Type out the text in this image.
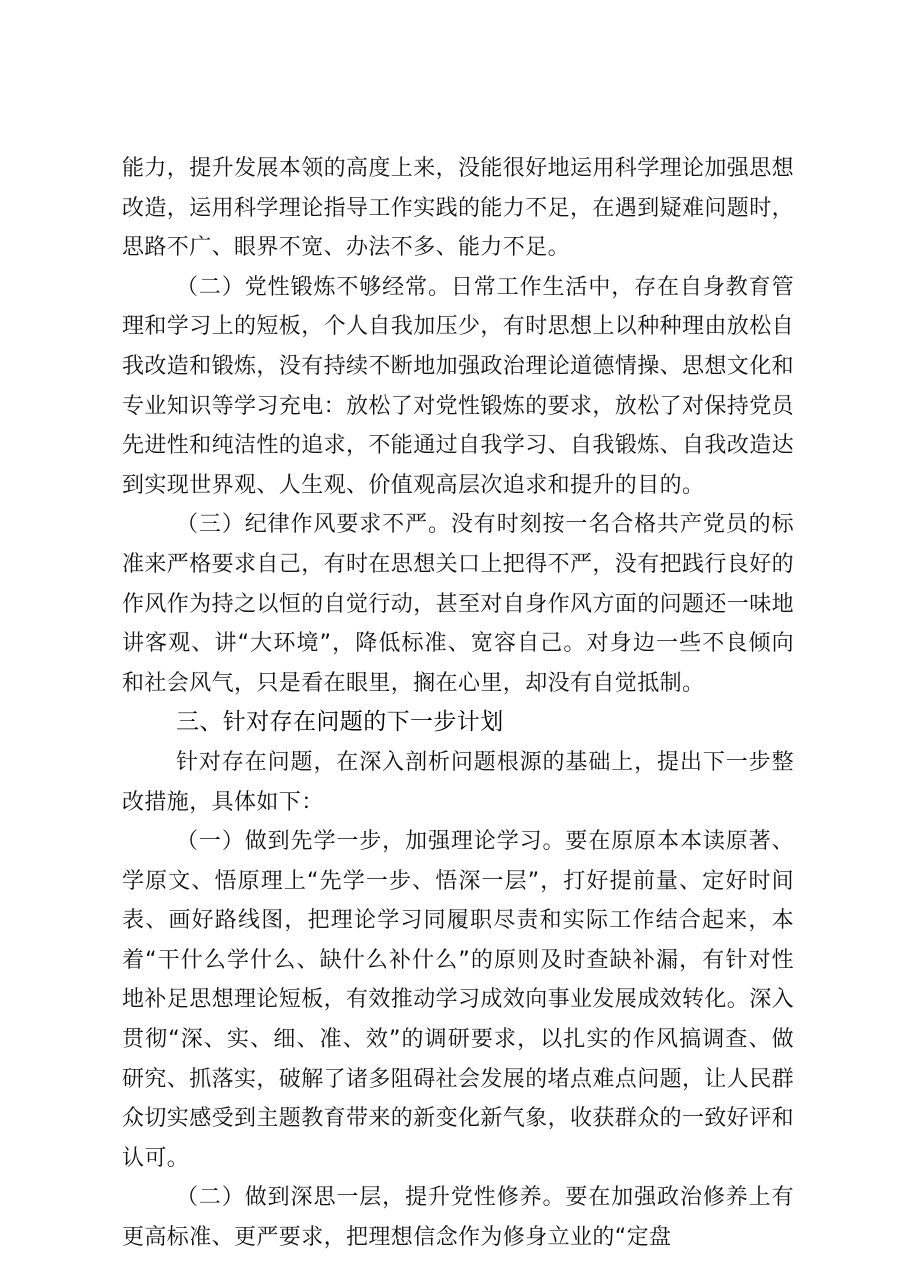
能力，提升发展本领的高度上来，没能很好地运用科学理论加强思想改造，运用科学理论指导工作实践的能力不足，在遇到疑难问题时，思路不广、眼界不宽、办法不多、能力不足。

（二）党性锻炼不够经常。日常工作生活中，存在自身教育管理和学习上的短板，个人自我加压少，有时思想上以种种理由放松自我改造和锻炼，没有持续不断地加强政治理论道德情操、思想文化和专业知识等学习充电：放松了对党性锻炼的要求，放松了对保持党员先进性和纯洁性的追求，不能通过自我学习、自我锻炼、自我改造达到实现世界观、人生观、价值观高层次追求和提升的目的。

（三）纪律作风要求不严。没有时刻按一名合格共产党员的标准来严格要求自己，有时在思想关口上把得不严，没有把践行良好的作风作为持之以恒的自觉行动，甚至对自身作风方面的问题还一味地讲客观、讲“大环境”，降低标准、宽容自己。对身边一些不良倾向和社会风气，只是看在眼里，搁在心里，却没有自觉抵制。

三、针对存在问题的下一步计划

针对存在问题，在深入剖析问题根源的基础上，提出下一步整改措施，具体如下：

（一）做到先学一步，加强理论学习。要在原原本本读原著、学原文、悟原理上“先学一步、悟深一层”，打好提前量、定好时间表、画好路线图，把理论学习同履职尽责和实际工作结合起来，本着“干什么学什么、缺什么补什么”的原则及时查缺补漏，有针对性地补足思想理论短板，有效推动学习成效向事业发展成效转化。深入贯彻“深、实、细、准、效”的调研要求，以扎实的作风搞调查、做研究、抓落实，破解了诸多阻碍社会发展的堵点难点问题，让人民群众切实感受到主题教育带来的新变化新气象，收获群众的一致好评和认可。

（二）做到深思一层，提升党性修养。要在加强政治修养上有更高标准、更严要求，把理想信念作为修身立业的“定盘
